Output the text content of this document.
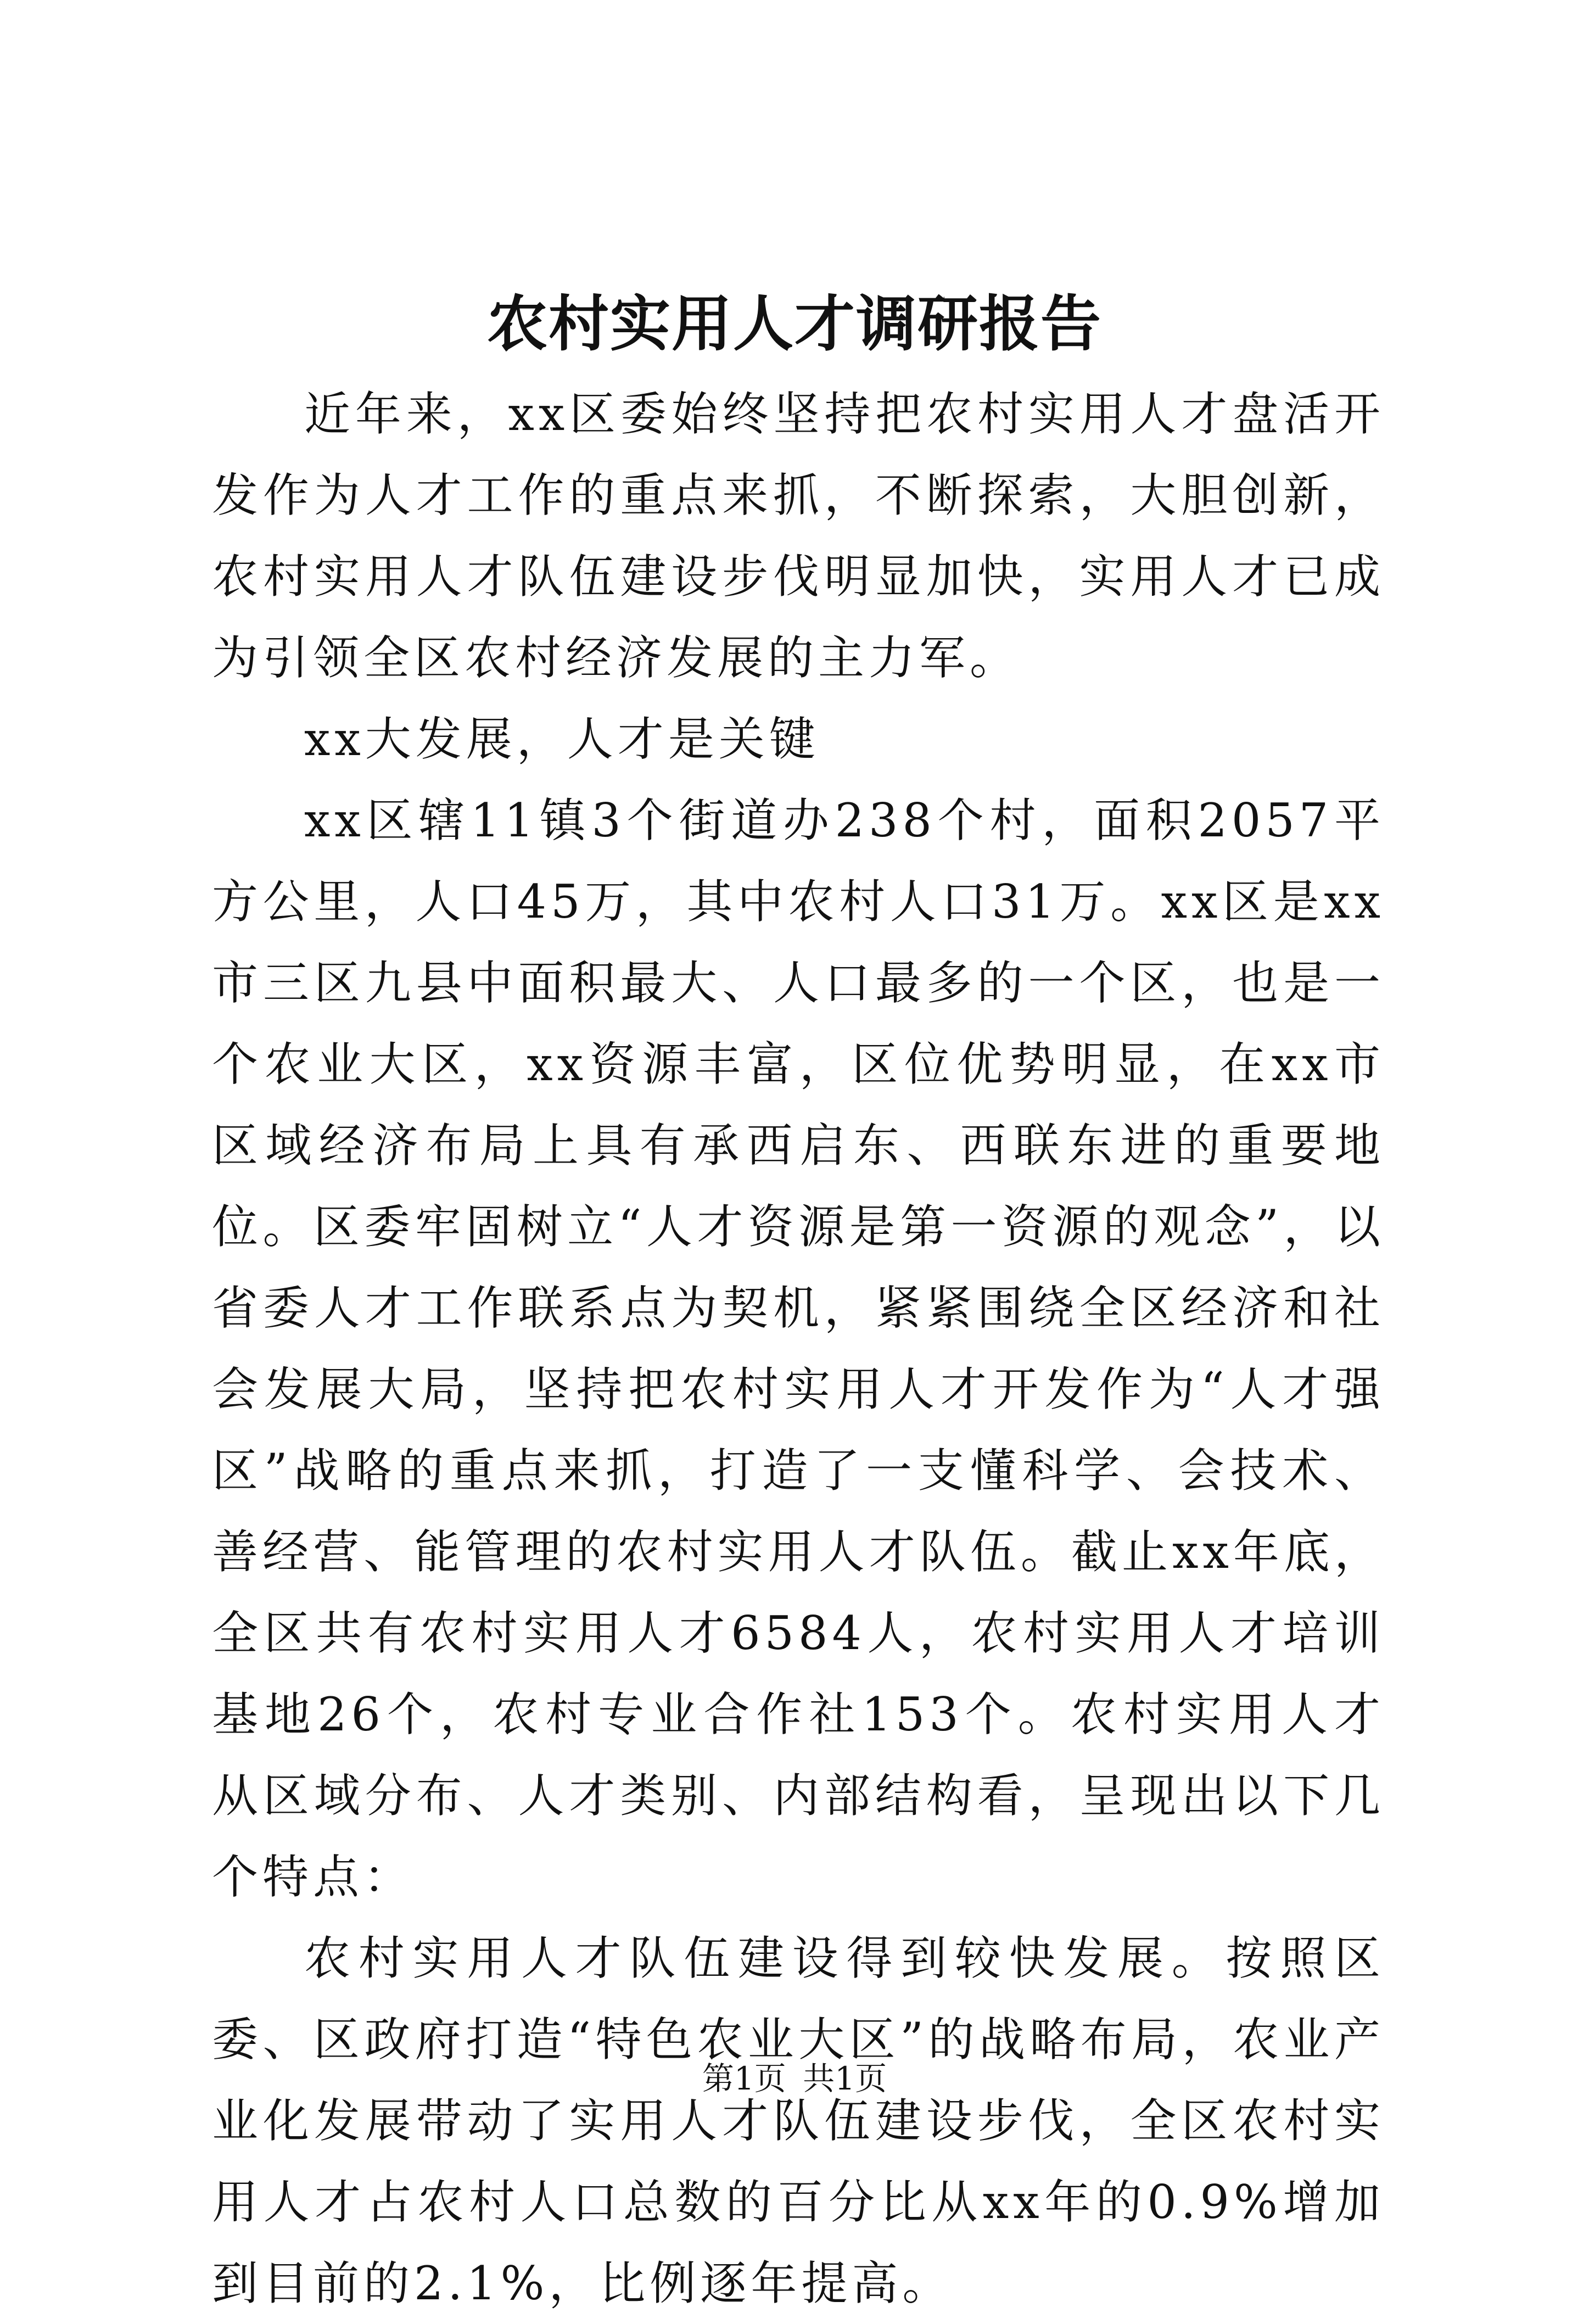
农村实用人才调研报告

近年来，xx区委始终坚持把农村实用人才盘活开发作为人才工作的重点来抓，不断探索，大胆创新，农村实用人才队伍建设步伐明显加快，实用人才已成为引领全区农村经济发展的主力军。

xx大发展，人才是关键

xx区辖11镇3个街道办238个村，面积2057平方公里，人口45万，其中农村人口31万。xx区是xx市三区九县中面积最大、人口最多的一个区，也是一个农业大区，xx资源丰富，区位优势明显，在xx市区域经济布局上具有承西启东、西联东进的重要地位。区委牢固树立“人才资源是第一资源的观念”，以省委人才工作联系点为契机，紧紧围绕全区经济和社会发展大局，坚持把农村实用人才开发作为“人才强区”战略的重点来抓，打造了一支懂科学、会技术、善经营、能管理的农村实用人才队伍。截止xx年底，全区共有农村实用人才6584人，农村实用人才培训基地26个，农村专业合作社153个。农村实用人才从区域分布、人才类别、内部结构看，呈现出以下几个特点：

农村实用人才队伍建设得到较快发展。按照区委、区政府打造“特色农业大区”的战略布局，农业产业化发展带动了实用人才队伍建设步伐，全区农村实用人才占农村人口总数的百分比从xx年的0.9%增加到目前的2.1%，比例逐年提高。

第1页 共1页
